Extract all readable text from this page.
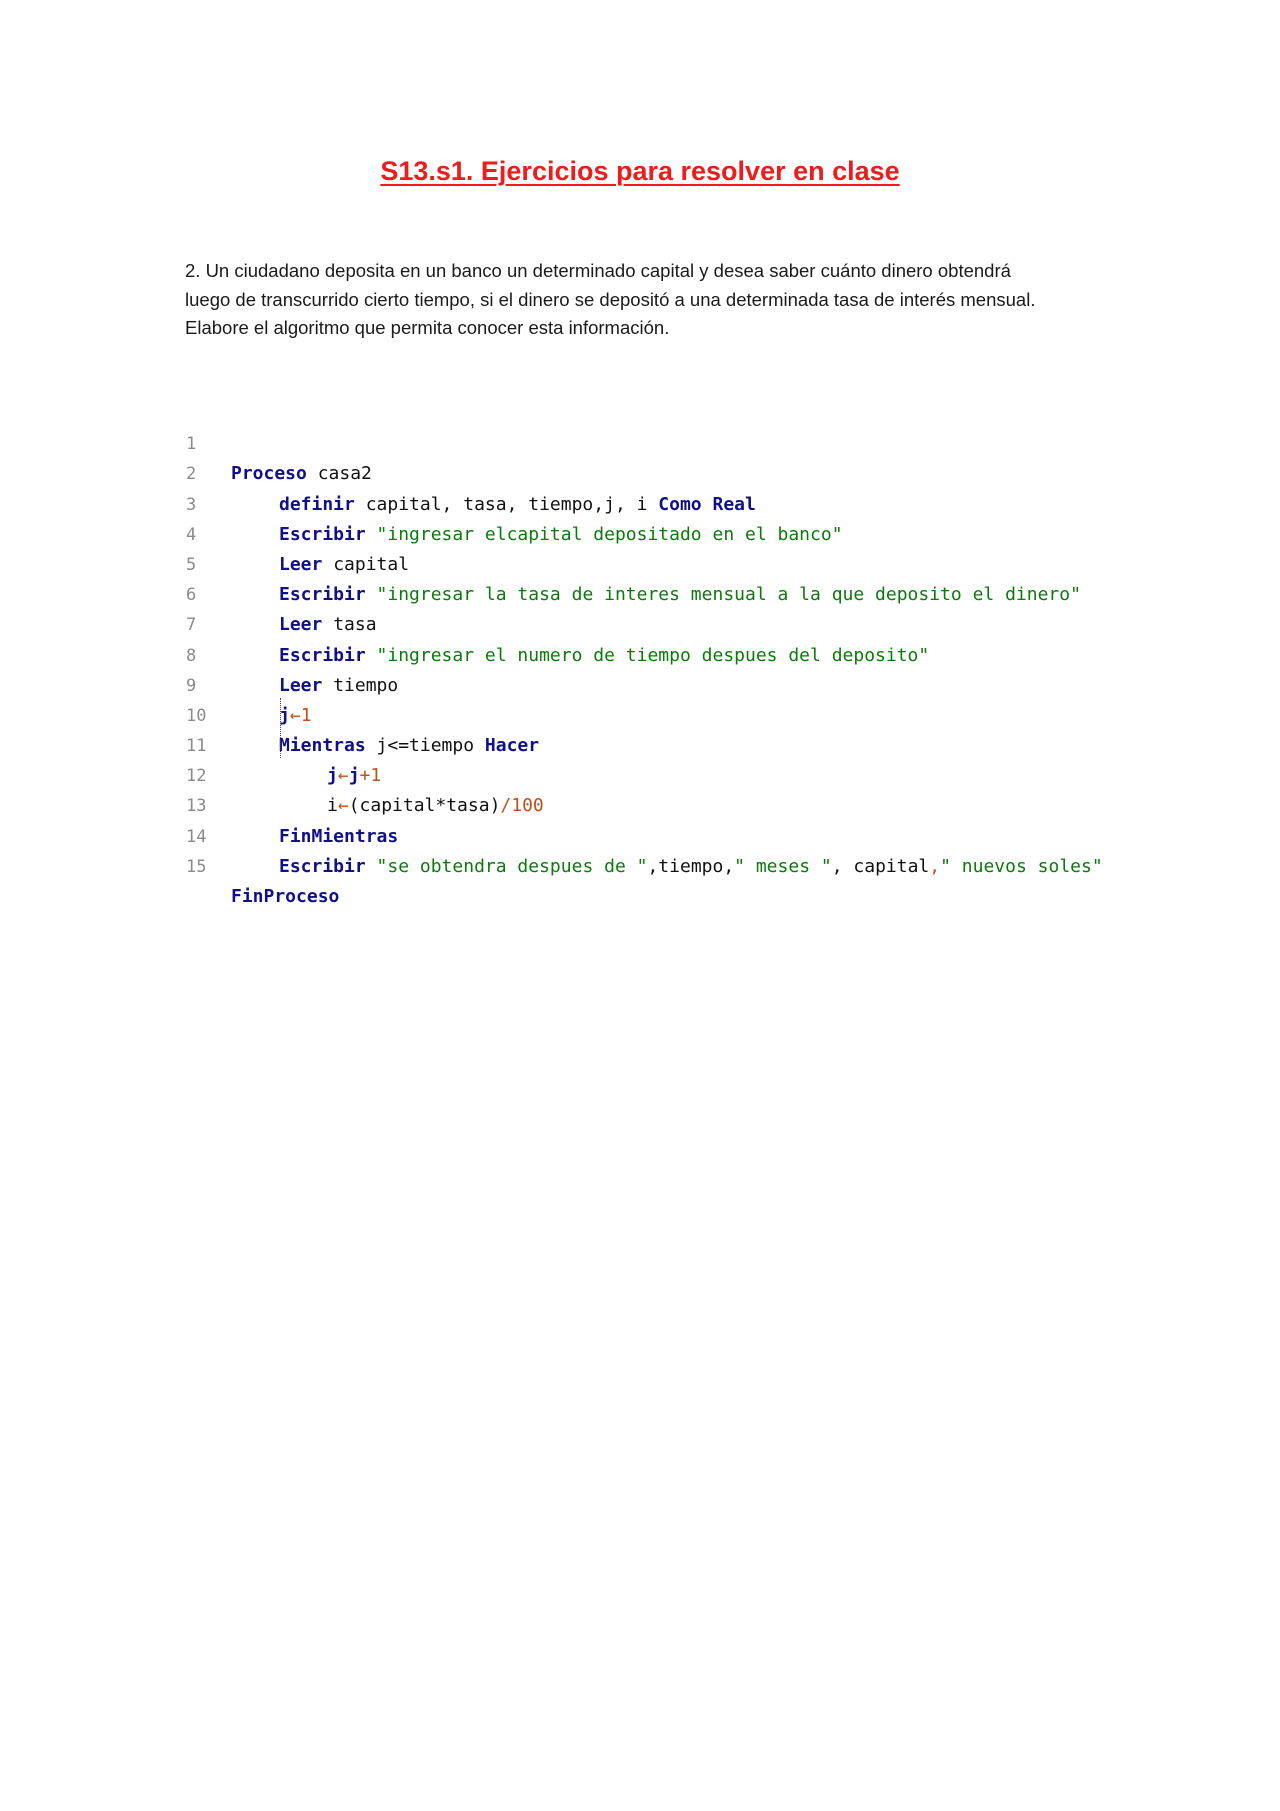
S13.s1. Ejercicios para resolver en clase
2. Un ciudadano deposita en un banco un determinado capital y desea saber cuánto dinero obtendrá
luego de transcurrido cierto tiempo, si el dinero se depositó a una determinada tasa de interés mensual.
Elabore el algoritmo que permita conocer esta información.

1

Proceso casa2

2

definir capital, tasa, tiempo,j, i Como Real

3

Escribir "ingresar elcapital depositado en el banco"

4

Leer capital

5

Escribir "ingresar la tasa de interes mensual a la que deposito el dinero"

6

Leer tasa

7

Escribir "ingresar el numero de tiempo despues del deposito"

8

Leer tiempo

9

j←1

10

Mientras j<=tiempo Hacer

11

j←j+1

12

i←(capital*tasa)/100

13

FinMientras

14

Escribir "se obtendra despues de ",tiempo," meses ", capital," nuevos soles"

15

FinProceso
